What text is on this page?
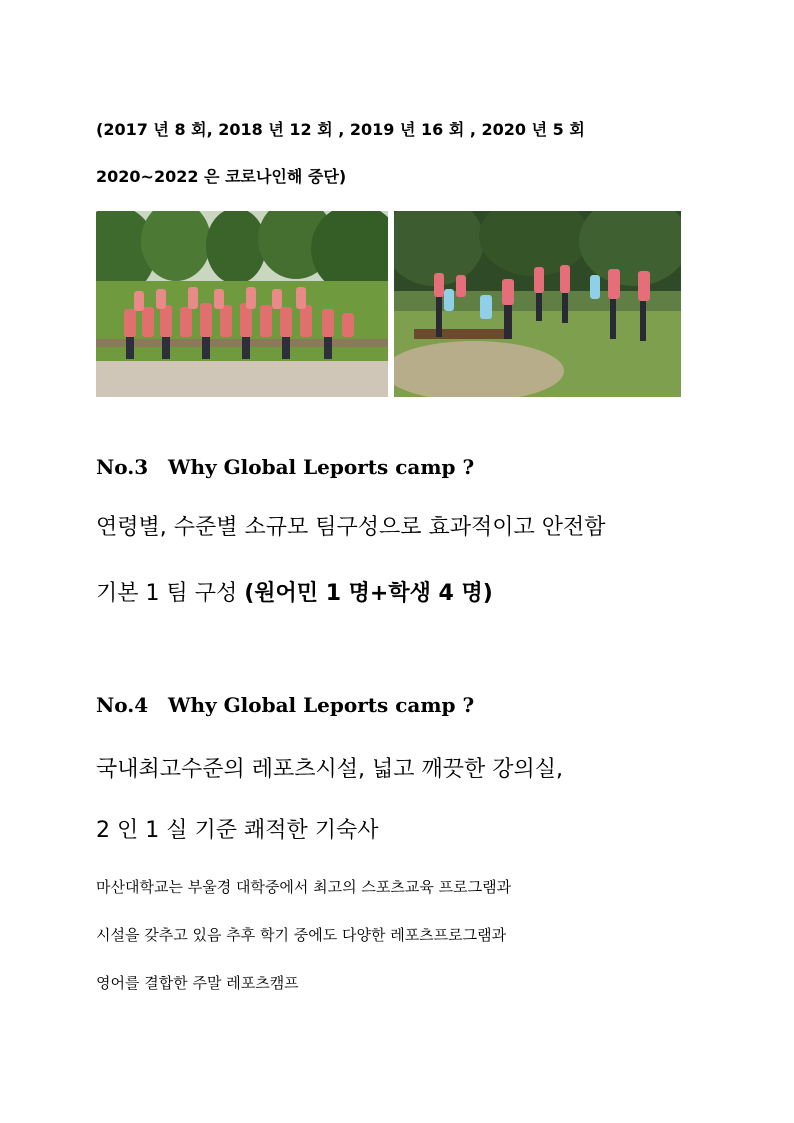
(2017 년 8 회, 2018 년 12 회 , 2019 년 16 회 , 2020 년 5 회
2020~2022 은 코로나인해 중단)
No.3 Why Global Leports camp ?
연령별, 수준별 소규모 팀구성으로 효과적이고 안전함
기본 1 팀 구성 (원어민 1 명+학생 4 명)
No.4 Why Global Leports camp ?
국내최고수준의 레포츠시설, 넓고 깨끗한 강의실,
2 인 1 실 기준 쾌적한 기숙사
마산대학교는 부울경 대학중에서 최고의 스포츠교육 프로그램과
시설을 갖추고 있음 추후 학기 중에도 다양한 레포츠프로그램과
영어를 결합한 주말 레포츠캠프
